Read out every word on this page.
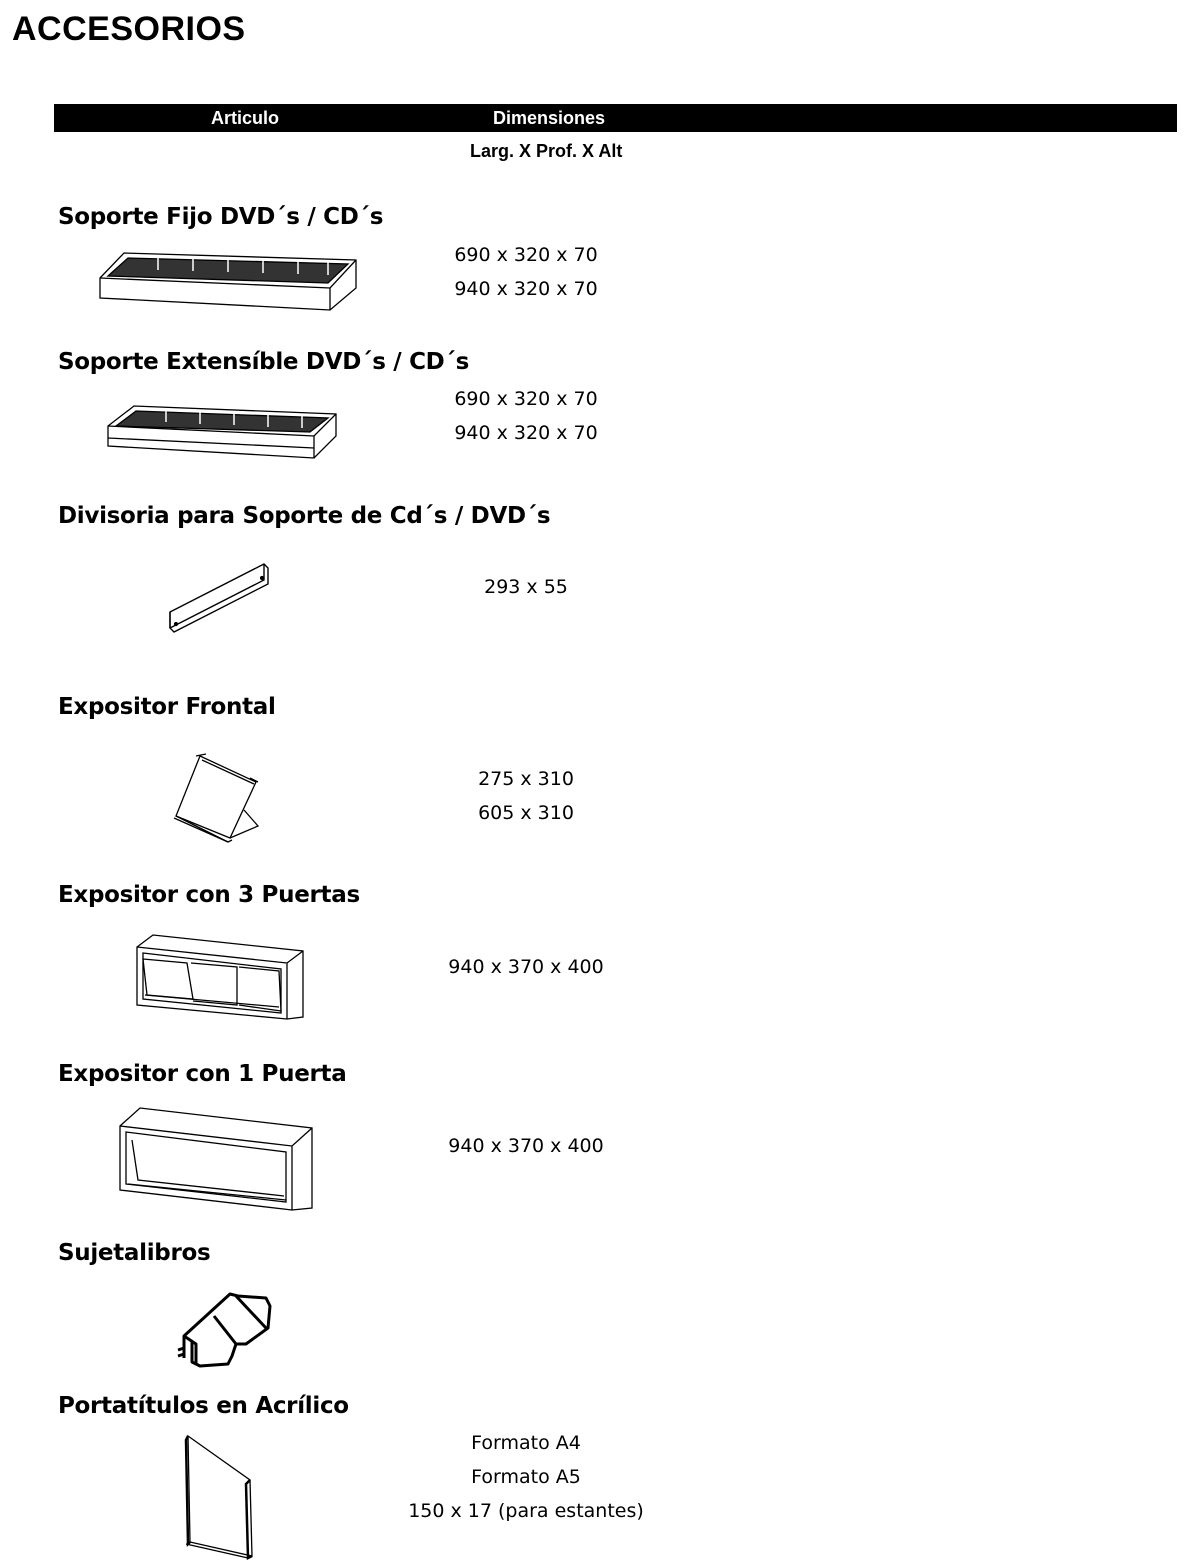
ACCESORIOS
Articulo	Dimensiones
Larg. X Prof. X Alt
Soporte Fijo DVD´s / CD´s
690 x 320 x 70
940 x 320 x 70
Soporte Extensíble DVD´s / CD´s
690 x 320 x 70
940 x 320 x 70
Divisoria para Soporte de Cd´s / DVD´s
293 x 55
Expositor Frontal
275 x 310
605 x 310
Expositor con 3 Puertas
940 x 370 x 400
Expositor con 1 Puerta
940 x 370 x 400
Sujetalibros
Portatítulos en Acrílico
Formato A4
Formato A5
150 x 17 (para estantes)
